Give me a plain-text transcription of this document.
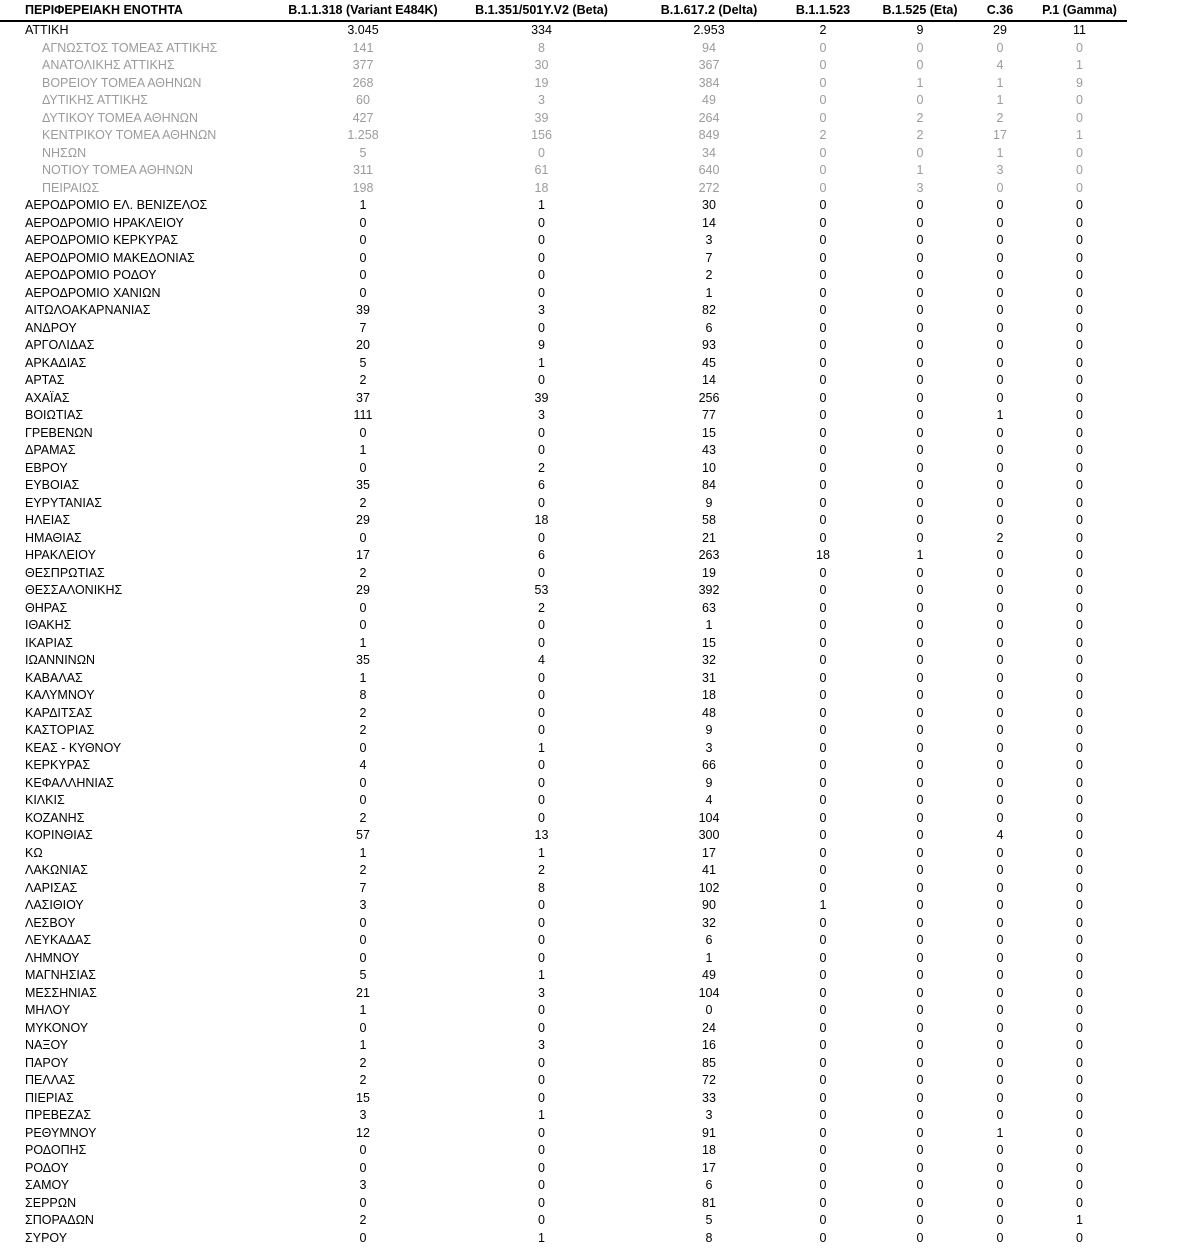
ΠΕΡΙΦΕΡΕΙΑΚΗ ΕΝΟΤΗΤΑ	B.1.1.318 (Variant E484K)	B.1.351/501Y.V2 (Beta)	B.1.617.2 (Delta)	B.1.1.523	B.1.525 (Eta)	C.36	P.1 (Gamma)
ΑΤΤΙΚΗ	3.045	334	2.953	2	9	29	11
ΑΓΝΩΣΤΟΣ ΤΟΜΕΑΣ ΑΤΤΙΚΗΣ	141	8	94	0	0	0	0
ΑΝΑΤΟΛΙΚΗΣ ΑΤΤΙΚΗΣ	377	30	367	0	0	4	1
ΒΟΡΕΙΟΥ ΤΟΜΕΑ ΑΘΗΝΩΝ	268	19	384	0	1	1	9
ΔΥΤΙΚΗΣ ΑΤΤΙΚΗΣ	60	3	49	0	0	1	0
ΔΥΤΙΚΟΥ ΤΟΜΕΑ ΑΘΗΝΩΝ	427	39	264	0	2	2	0
ΚΕΝΤΡΙΚΟΥ ΤΟΜΕΑ ΑΘΗΝΩΝ	1.258	156	849	2	2	17	1
ΝΗΣΩΝ	5	0	34	0	0	1	0
ΝΟΤΙΟΥ ΤΟΜΕΑ ΑΘΗΝΩΝ	311	61	640	0	1	3	0
ΠΕΙΡΑΙΩΣ	198	18	272	0	3	0	0
ΑΕΡΟΔΡΟΜΙΟ ΕΛ. ΒΕΝΙΖΕΛΟΣ	1	1	30	0	0	0	0
ΑΕΡΟΔΡΟΜΙΟ ΗΡΑΚΛΕΙΟΥ	0	0	14	0	0	0	0
ΑΕΡΟΔΡΟΜΙΟ ΚΕΡΚΥΡΑΣ	0	0	3	0	0	0	0
ΑΕΡΟΔΡΟΜΙΟ ΜΑΚΕΔΟΝΙΑΣ	0	0	7	0	0	0	0
ΑΕΡΟΔΡΟΜΙΟ ΡΟΔΟΥ	0	0	2	0	0	0	0
ΑΕΡΟΔΡΟΜΙΟ ΧΑΝΙΩΝ	0	0	1	0	0	0	0
ΑΙΤΩΛΟΑΚΑΡΝΑΝΙΑΣ	39	3	82	0	0	0	0
ΑΝΔΡΟΥ	7	0	6	0	0	0	0
ΑΡΓΟΛΙΔΑΣ	20	9	93	0	0	0	0
ΑΡΚΑΔΙΑΣ	5	1	45	0	0	0	0
ΑΡΤΑΣ	2	0	14	0	0	0	0
ΑΧΑΪΑΣ	37	39	256	0	0	0	0
ΒΟΙΩΤΙΑΣ	111	3	77	0	0	1	0
ΓΡΕΒΕΝΩΝ	0	0	15	0	0	0	0
ΔΡΑΜΑΣ	1	0	43	0	0	0	0
ΕΒΡΟΥ	0	2	10	0	0	0	0
ΕΥΒΟΙΑΣ	35	6	84	0	0	0	0
ΕΥΡΥΤΑΝΙΑΣ	2	0	9	0	0	0	0
ΗΛΕΙΑΣ	29	18	58	0	0	0	0
ΗΜΑΘΙΑΣ	0	0	21	0	0	2	0
ΗΡΑΚΛΕΙΟΥ	17	6	263	18	1	0	0
ΘΕΣΠΡΩΤΙΑΣ	2	0	19	0	0	0	0
ΘΕΣΣΑΛΟΝΙΚΗΣ	29	53	392	0	0	0	0
ΘΗΡΑΣ	0	2	63	0	0	0	0
ΙΘΑΚΗΣ	0	0	1	0	0	0	0
ΙΚΑΡΙΑΣ	1	0	15	0	0	0	0
ΙΩΑΝΝΙΝΩΝ	35	4	32	0	0	0	0
ΚΑΒΑΛΑΣ	1	0	31	0	0	0	0
ΚΑΛΥΜΝΟΥ	8	0	18	0	0	0	0
ΚΑΡΔΙΤΣΑΣ	2	0	48	0	0	0	0
ΚΑΣΤΟΡΙΑΣ	2	0	9	0	0	0	0
ΚΕΑΣ - ΚΥΘΝΟΥ	0	1	3	0	0	0	0
ΚΕΡΚΥΡΑΣ	4	0	66	0	0	0	0
ΚΕΦΑΛΛΗΝΙΑΣ	0	0	9	0	0	0	0
ΚΙΛΚΙΣ	0	0	4	0	0	0	0
ΚΟΖΑΝΗΣ	2	0	104	0	0	0	0
ΚΟΡΙΝΘΙΑΣ	57	13	300	0	0	4	0
ΚΩ	1	1	17	0	0	0	0
ΛΑΚΩΝΙΑΣ	2	2	41	0	0	0	0
ΛΑΡΙΣΑΣ	7	8	102	0	0	0	0
ΛΑΣΙΘΙΟΥ	3	0	90	1	0	0	0
ΛΕΣΒΟΥ	0	0	32	0	0	0	0
ΛΕΥΚΑΔΑΣ	0	0	6	0	0	0	0
ΛΗΜΝΟΥ	0	0	1	0	0	0	0
ΜΑΓΝΗΣΙΑΣ	5	1	49	0	0	0	0
ΜΕΣΣΗΝΙΑΣ	21	3	104	0	0	0	0
ΜΗΛΟΥ	1	0	0	0	0	0	0
ΜΥΚΟΝΟΥ	0	0	24	0	0	0	0
ΝΑΞΟΥ	1	3	16	0	0	0	0
ΠΑΡΟΥ	2	0	85	0	0	0	0
ΠΕΛΛΑΣ	2	0	72	0	0	0	0
ΠΙΕΡΙΑΣ	15	0	33	0	0	0	0
ΠΡΕΒΕΖΑΣ	3	1	3	0	0	0	0
ΡΕΘΥΜΝΟΥ	12	0	91	0	0	1	0
ΡΟΔΟΠΗΣ	0	0	18	0	0	0	0
ΡΟΔΟΥ	0	0	17	0	0	0	0
ΣΑΜΟΥ	3	0	6	0	0	0	0
ΣΕΡΡΩΝ	0	0	81	0	0	0	0
ΣΠΟΡΑΔΩΝ	2	0	5	0	0	0	1
ΣΥΡΟΥ	0	1	8	0	0	0	0
